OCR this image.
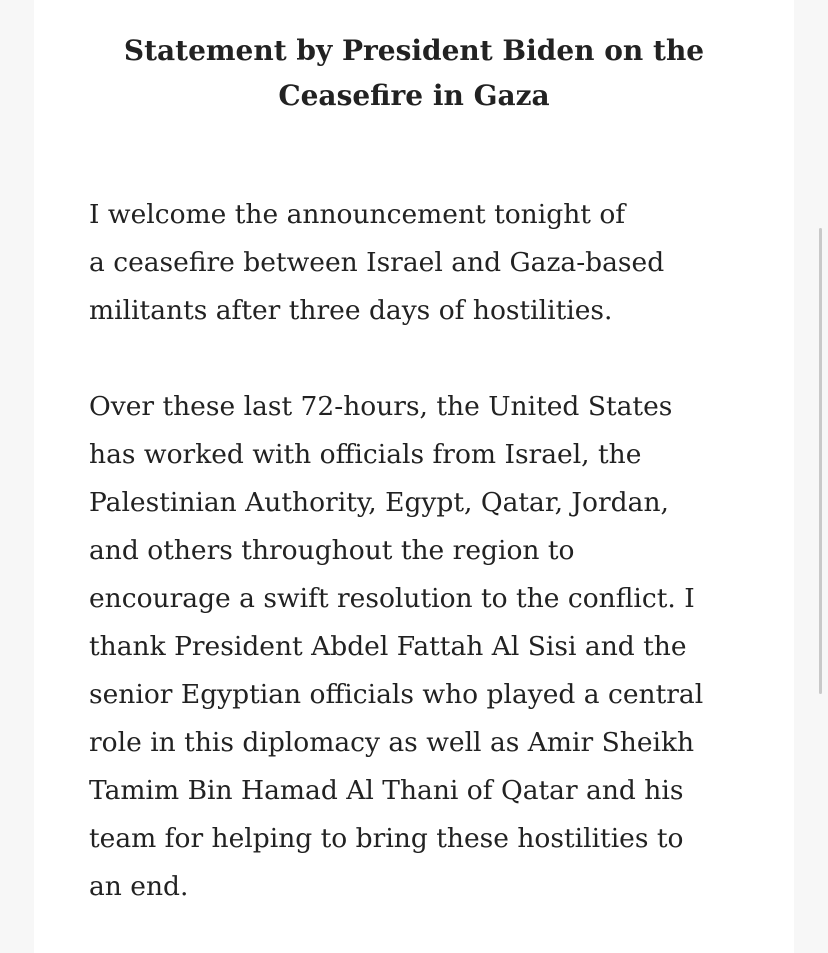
Statement by President Biden on the
Ceasefire in Gaza

I welcome the announcement tonight of
a ceasefire between Israel and Gaza-based
militants after three days of hostilities.

Over these last 72-hours, the United States
has worked with officials from Israel, the
Palestinian Authority, Egypt, Qatar, Jordan,
and others throughout the region to
encourage a swift resolution to the conflict. I
thank President Abdel Fattah Al Sisi and the
senior Egyptian officials who played a central
role in this diplomacy as well as Amir Sheikh
Tamim Bin Hamad Al Thani of Qatar and his
team for helping to bring these hostilities to
an end.
